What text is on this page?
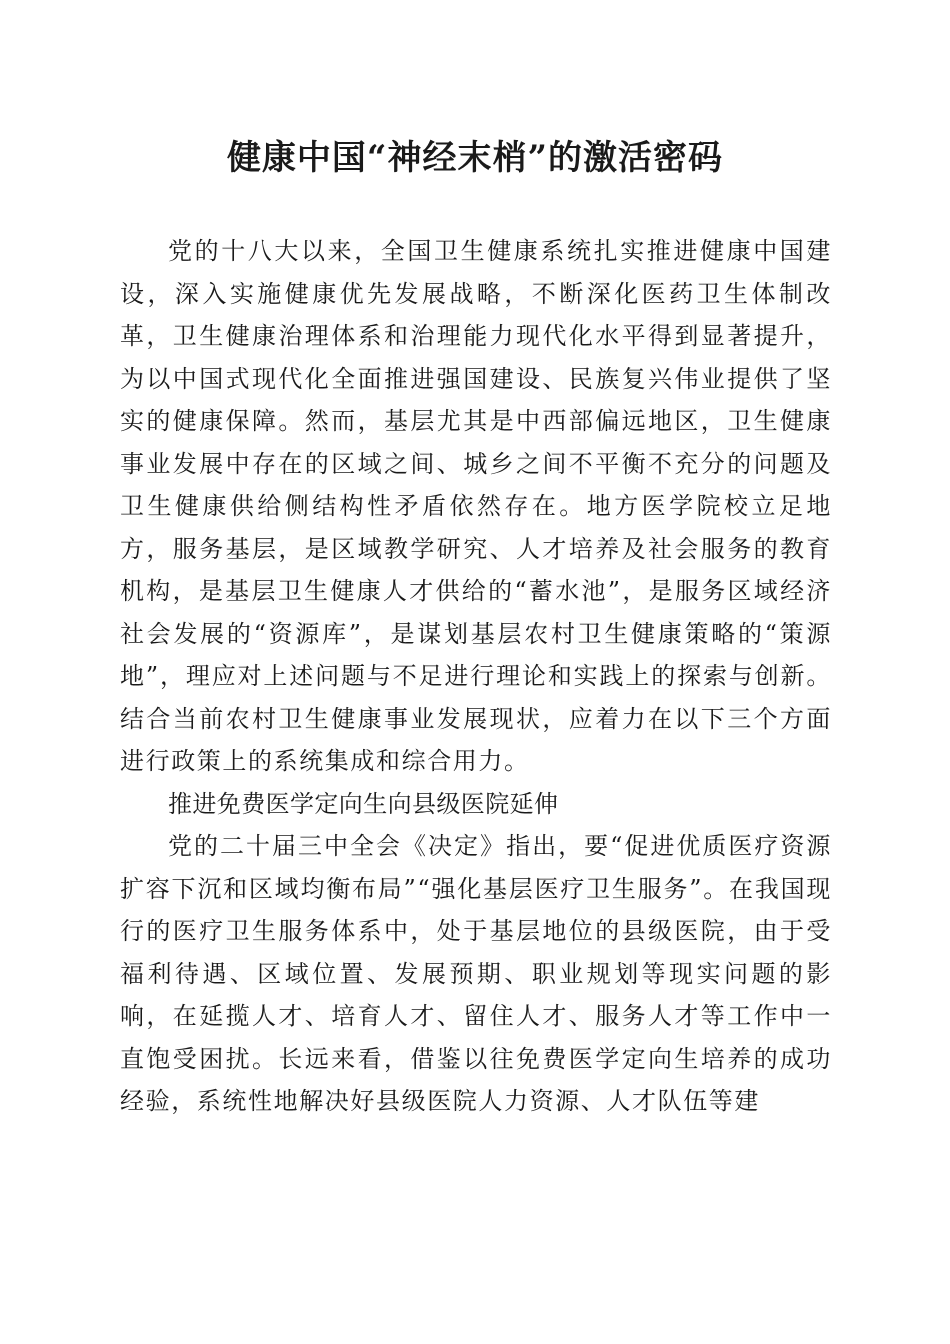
健康中国“神经末梢”的激活密码

党的十八大以来，全国卫生健康系统扎实推进健康中国建设，深入实施健康优先发展战略，不断深化医药卫生体制改革，卫生健康治理体系和治理能力现代化水平得到显著提升，为以中国式现代化全面推进强国建设、民族复兴伟业提供了坚实的健康保障。然而，基层尤其是中西部偏远地区，卫生健康事业发展中存在的区域之间、城乡之间不平衡不充分的问题及卫生健康供给侧结构性矛盾依然存在。地方医学院校立足地方，服务基层，是区域教学研究、人才培养及社会服务的教育机构，是基层卫生健康人才供给的“蓄水池”，是服务区域经济社会发展的“资源库”，是谋划基层农村卫生健康策略的“策源地”，理应对上述问题与不足进行理论和实践上的探索与创新。结合当前农村卫生健康事业发展现状，应着力在以下三个方面进行政策上的系统集成和综合用力。

推进免费医学定向生向县级医院延伸

党的二十届三中全会《决定》指出，要“促进优质医疗资源扩容下沉和区域均衡布局”“强化基层医疗卫生服务”。在我国现行的医疗卫生服务体系中，处于基层地位的县级医院，由于受福利待遇、区域位置、发展预期、职业规划等现实问题的影响，在延揽人才、培育人才、留住人才、服务人才等工作中一直饱受困扰。长远来看，借鉴以往免费医学定向生培养的成功经验，系统性地解决好县级医院人力资源、人才队伍等建
